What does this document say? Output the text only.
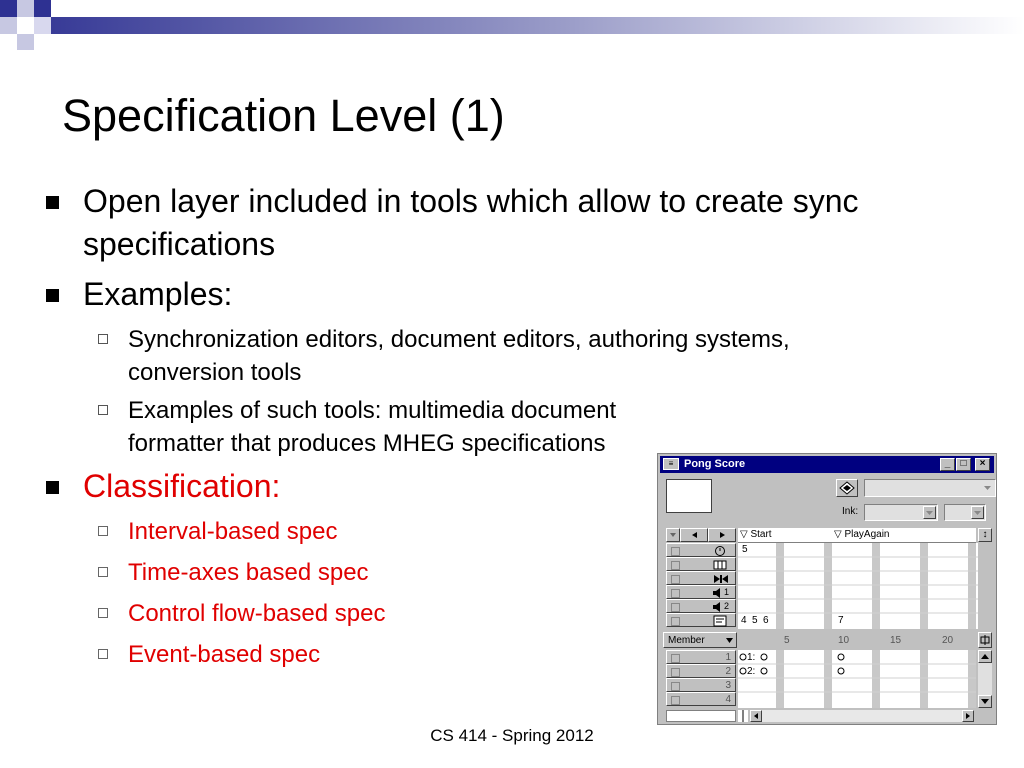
Specification Level (1)
Open layer included in tools which allow to create sync specifications
Examples:
Synchronization editors, document editors, authoring systems, conversion tools
Examples of such tools: multimedia document formatter that produces MHEG specifications
Classification:
Interval-based spec
Time-axes based spec
Control flow-based spec
Event-based spec
≡ Pong Score	_	□	×
Ink:
▽ Start	▽ PlayAgain	↕
1
2
5
4 5 6	7
Member	5	10	15	20
1
2
3
4
1:
2:
CS 414 - Spring 2012
